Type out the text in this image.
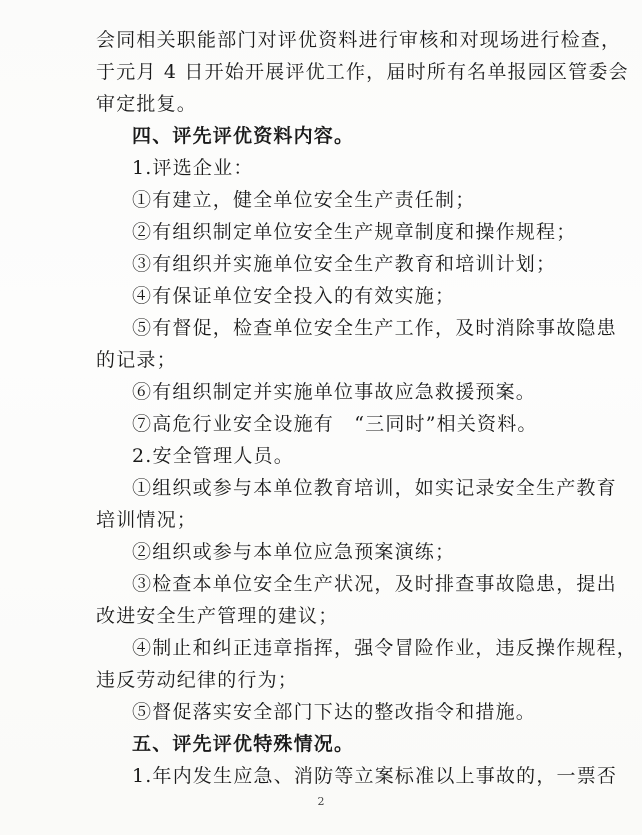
会同相关职能部门对评优资料进行审核和对现场进行检查，
于元月 4 日开始开展评优工作，届时所有名单报园区管委会
审定批复。
四、评先评优资料内容。
1.评选企业：
①有建立，健全单位安全生产责任制；
②有组织制定单位安全生产规章制度和操作规程；
③有组织并实施单位安全生产教育和培训计划；
④有保证单位安全投入的有效实施；
⑤有督促，检查单位安全生产工作，及时消除事故隐患
的记录；
⑥有组织制定并实施单位事故应急救援预案。
⑦高危行业安全设施有　“三同时”相关资料。
2.安全管理人员。
①组织或参与本单位教育培训，如实记录安全生产教育
培训情况；
②组织或参与本单位应急预案演练；
③检查本单位安全生产状况，及时排查事故隐患，提出
改进安全生产管理的建议；
④制止和纠正违章指挥，强令冒险作业，违反操作规程，
违反劳动纪律的行为；
⑤督促落实安全部门下达的整改指令和措施。
五、评先评优特殊情况。
1.年内发生应急、消防等立案标准以上事故的，一票否
2
